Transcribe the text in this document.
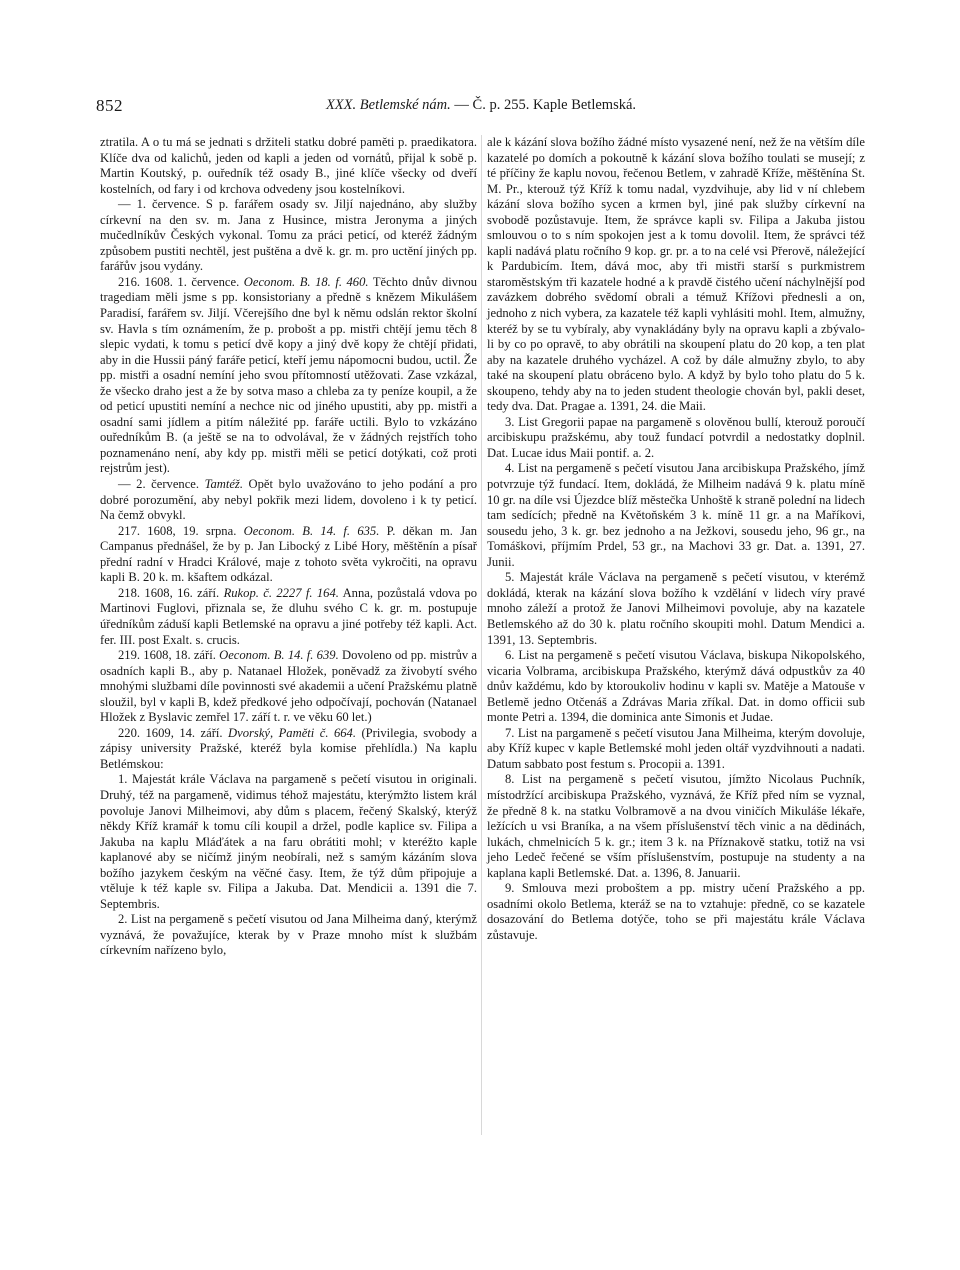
852	XXX. Betlemské nám. — Č. p. 255. Kaple Betlemská.

ztratila. A o tu má se jednati s držiteli statku dobré paměti p. praedikatora. Klíče dva od kalichů, jeden od kapli a jeden od vornátů, přijal k sobě p. Martin Koutský, p. ouředník též osady B., jiné klíče všecky od dveří kostelních, od fary i od krchova odvedeny jsou kostelníkovi.

— 1. července. S p. farářem osady sv. Jiljí najednáno, aby služby církevní na den sv. m. Jana z Husince, mistra Jeronyma a jiných mučedlníkův Českých vykonal. Tomu za práci peticí, od kteréž žádným způsobem pustiti nechtěl, jest puštěna a dvě k. gr. m. pro uctění jiných pp. farářův jsou vydány.

216. 1608. 1. července. Oeconom. B. 18. f. 460. Těchto dnův divnou tragediam měli jsme s pp. konsistoriany a předně s knězem Mikulášem Paradisí, farářem sv. Jiljí. Včerejšího dne byl k němu odslán rektor školní sv. Havla s tím oznámením, že p. probošt a pp. mistři chtějí jemu těch 8 slepic vydati, k tomu s peticí dvě kopy a jiný dvě kopy že chtějí přidati, aby in die Hussii páný faráře peticí, kteří jemu nápomocni budou, uctil. Že pp. mistři a osadní nemíní jeho svou přítomností utěžovati. Zase vzkázal, že všecko draho jest a že by sotva maso a chleba za ty peníze koupil, a že od peticí upustiti nemíní a nechce nic od jiného upustiti, aby pp. mistři a osadní sami jídlem a pitím náležité pp. faráře uctili. Bylo to vzkázáno ouředníkům B. (a ještě se na to odvolával, že v žádných rejstřích toho poznamenáno není, aby kdy pp. mistři měli se peticí dotýkati, což proti rejstrům jest).

— 2. července. Tamtéž. Opět bylo uvažováno to jeho podání a pro dobré porozumění, aby nebyl pokřik mezi lidem, dovoleno i k ty peticí. Na čemž obvykl.

217. 1608, 19. srpna. Oeconom. B. 14. f. 635. P. děkan m. Jan Campanus přednášel, že by p. Jan Libocký z Libé Hory, měštěnín a písař přední radní v Hradci Králové, maje z tohoto světa vykročiti, na opravu kapli B. 20 k. m. kšaftem odkázal.

218. 1608, 16. září. Rukop. č. 2227 f. 164. Anna, pozůstalá vdova po Martinovi Fuglovi, přiznala se, že dluhu svého C k. gr. m. postupuje úředníkům záduší kapli Betlemské na opravu a jiné potřeby též kapli. Act. fer. III. post Exalt. s. crucis.

219. 1608, 18. září. Oeconom. B. 14. f. 639. Dovoleno od pp. mistrův a osadních kapli B., aby p. Natanael Hložek, poněvadž za živobytí svého mnohými službami díle povinnosti své akademii a učení Pražskému platně sloužil, byl v kapli B, kdež předkové jeho odpočívají, pochován (Natanael Hložek z Byslavic zemřel 17. září t. r. ve věku 60 let.)

220. 1609, 14. září. Dvorský, Paměti č. 664. (Privilegia, svobody a zápisy university Pražské, kteréž byla komise přehlídla.) Na kaplu Betlémskou:

1. Majestát krále Václava na pargameně s pečetí visutou in originali. Druhý, též na pargameně, vidimus téhož majestátu, kterýmžto listem král povoluje Janovi Milheimovi, aby dům s placem, řečený Skalský, kterýž někdy Kříž kramář k tomu cíli koupil a držel, podle kaplice sv. Filipa a Jakuba na kaplu Mláďátek a na faru obrátiti mohl; v kteréžto kaple kaplanové aby se ničímž jiným neobírali, než s samým kázáním slova božího jazykem českým na věčné časy. Item, že týž dům připojuje a vtěluje k též kaple sv. Filipa a Jakuba. Dat. Mendicii a. 1391 die 7. Septembris.

2. List na pergameně s pečetí visutou od Jana Milheima daný, kterýmž vyznává, že považujíce, kterak by v Praze mnoho míst k službám církevním nařízeno bylo,

ale k kázání slova božího žádné místo vysazené není, než že na větším díle kazatelé po domích a pokoutně k kázání slova božího toulati se musejí; z té příčiny že kaplu novou, řečenou Betlem, v zahradě Kříže, měštěnína St. M. Pr., kterouž týž Kříž k tomu nadal, vyzdvihuje, aby lid v ní chlebem kázání slova božího sycen a krmen byl, jiné pak služby církevní na svobodě pozůstavuje. Item, že správce kapli sv. Filipa a Jakuba jistou smlouvou o to s ním spokojen jest a k tomu dovolil. Item, že správci též kapli nadává platu ročního 9 kop. gr. pr. a to na celé vsi Přerově, náležející k Pardubicím. Item, dává moc, aby tři mistři starší s purkmistrem staroměstským tři kazatele hodné a k pravdě čistého učení náchylnější pod zavázkem dobrého svědomí obrali a témuž Křížovi přednesli a on, jednoho z nich vybera, za kazatele též kapli vyhlásiti mohl. Item, almužny, kteréž by se tu vybíraly, aby vynakládány byly na opravu kapli a zbývalo-li by co po opravě, to aby obrátili na skoupení platu do 20 kop, a ten plat aby na kazatele druhého vycházel. A což by dále almužny zbylo, to aby také na skoupení platu obráceno bylo. A když by bylo toho platu do 5 k. skoupeno, tehdy aby na to jeden student theologie chován byl, pakli deset, tedy dva. Dat. Pragae a. 1391, 24. die Maii.

3. List Gregorii papae na pargameně s olověnou bullí, kterouž poroučí arcibiskupu pražskému, aby touž fundací potvrdil a nedostatky doplnil. Dat. Lucae idus Maii pontif. a. 2.

4. List na pergameně s pečetí visutou Jana arcibiskupa Pražského, jímž potvrzuje týž fundací. Item, dokládá, že Milheim nadává 9 k. platu míně 10 gr. na díle vsi Újezdce blíž městečka Unhoště k straně polední na lidech tam sedících; předně na Květoňském 3 k. míně 11 gr. a na Maříkovi, sousedu jeho, 3 k. gr. bez jednoho a na Ježkovi, sousedu jeho, 96 gr., na Tomáškovi, příjmím Prdel, 53 gr., na Machovi 33 gr. Dat. a. 1391, 27. Junii.

5. Majestát krále Václava na pergameně s pečetí visutou, v kterémž dokládá, kterak na kázání slova božího k vzdělání v lidech víry pravé mnoho záleží a protož že Janovi Milheimovi povoluje, aby na kazatele Betlemského až do 30 k. platu ročního skoupiti mohl. Datum Mendici a. 1391, 13. Septembris.

6. List na pergameně s pečetí visutou Václava, biskupa Nikopolského, vicaria Volbrama, arcibiskupa Pražského, kterýmž dává odpustkův za 40 dnův každému, kdo by ktoroukoliv hodinu v kapli sv. Matěje a Matouše v Betlemě jedno Otčenáš a Zdrávas Maria zříkal. Dat. in domo officii sub monte Petri a. 1394, die dominica ante Simonis et Judae.

7. List na pargameně s pečetí visutou Jana Milheima, kterým dovoluje, aby Kříž kupec v kaple Betlemské mohl jeden oltář vyzdvihnouti a nadati. Datum sabbato post festum s. Procopii a. 1391.

8. List na pergameně s pečetí visutou, jímžto Nicolaus Puchník, místodržící arcibiskupa Pražského, vyznává, že Kříž před ním se vyznal, že předně 8 k. na statku Volbramově a na dvou viničích Mikuláše lékaře, ležících u vsi Braníka, a na všem příslušenství těch vinic a na dědinách, lukách, chmelnicích 5 k. gr.; item 3 k. na Příznakově statku, totiž na vsi jeho Ledeč řečené se vším příslušenstvím, postupuje na studenty a na kaplana kapli Betlemské. Dat. a. 1396, 8. Januarii.

9. Smlouva mezi proboštem a pp. mistry učení Pražského a pp. osadními okolo Betlema, kteráž se na to vztahuje: předně, co se kazatele dosazování do Betlema dotýče, toho se při majestátu krále Václava zůstavuje.
